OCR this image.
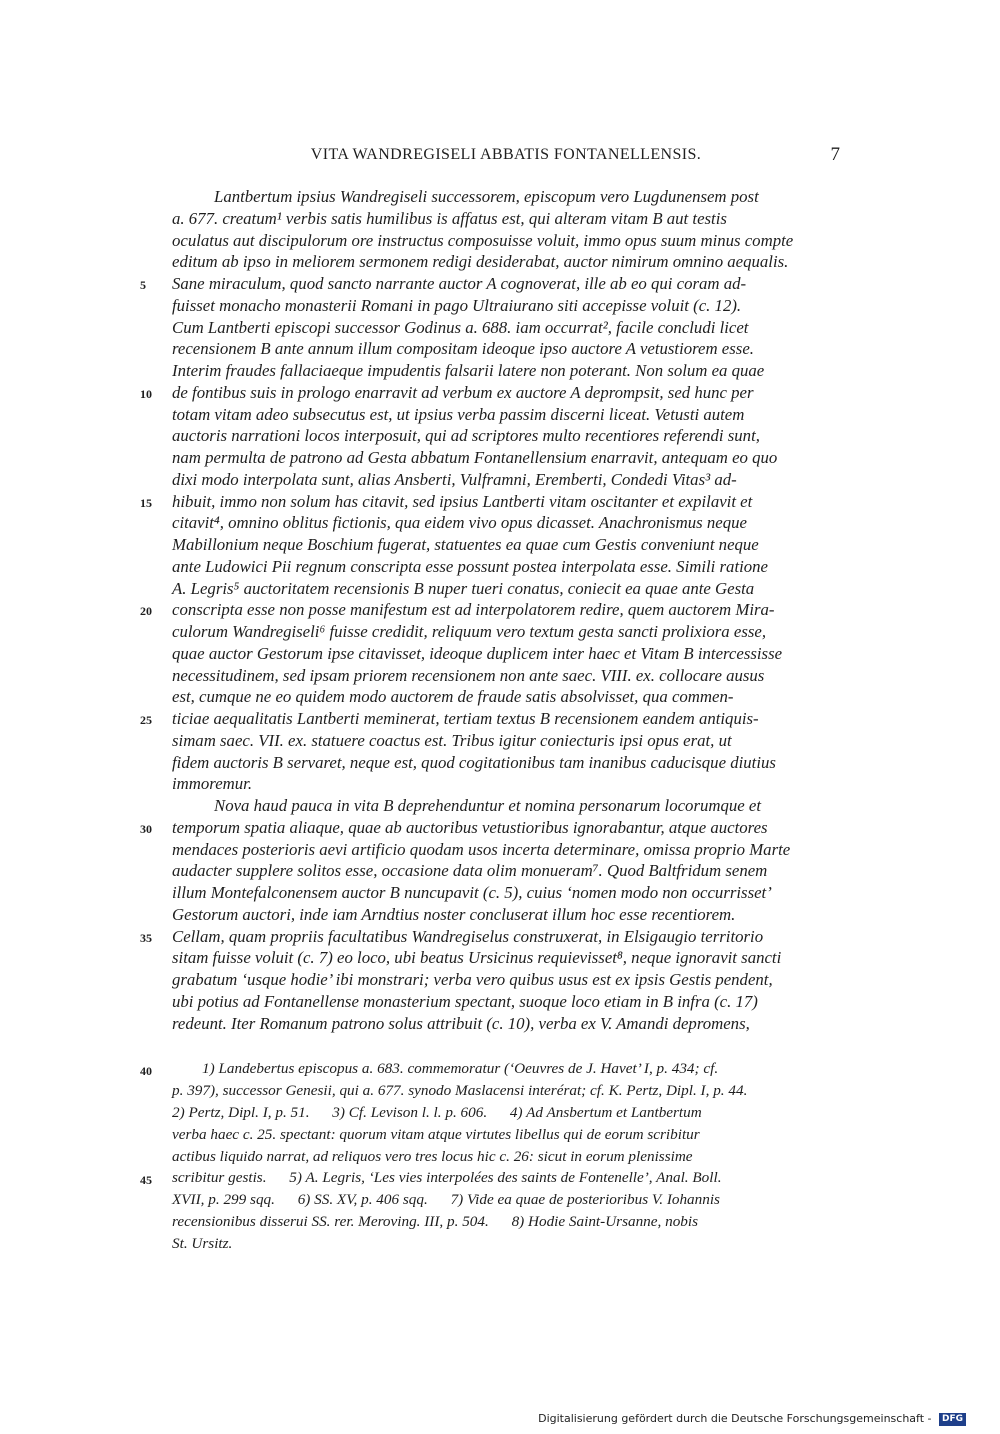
VITA WANDREGISELI ABBATIS FONTANELLENSIS.	7
Lantbertum ipsius Wandregiseli successorem, episcopum vero Lugdunensem post
a. 677. creatum¹ verbis satis humilibus is affatus est, qui alteram vitam B aut testis
oculatus aut discipulorum ore instructus composuisse voluit, immo opus suum minus compte
editum ab ipso in meliorem sermonem redigi desiderabat, auctor nimirum omnino aequalis.
Sane miraculum, quod sancto narrante auctor A cognoverat, ille ab eo qui coram ad-
fuisset monacho monasterii Romani in pago Ultraiurano siti accepisse voluit (c. 12).
Cum Lantberti episcopi successor Godinus a. 688. iam occurrat², facile concludi licet
recensionem B ante annum illum compositam ideoque ipso auctore A vetustiorem esse.
Interim fraudes fallaciaeque impudentis falsarii latere non poterant. Non solum ea quae
de fontibus suis in prologo enarravit ad verbum ex auctore A deprompsit, sed hunc per
totam vitam adeo subsecutus est, ut ipsius verba passim discerni liceat. Vetusti autem
auctoris narrationi locos interposuit, qui ad scriptores multo recentiores referendi sunt,
nam permulta de patrono ad Gesta abbatum Fontanellensium enarravit, antequam eo quo
dixi modo interpolata sunt, alias Ansberti, Vulframni, Eremberti, Condedi Vitas³ ad-
hibuit, immo non solum has citavit, sed ipsius Lantberti vitam oscitanter et expilavit et
citavit⁴, omnino oblitus fictionis, qua eidem vivo opus dicasset. Anachronismus neque
Mabillonium neque Boschium fugerat, statuentes ea quae cum Gestis conveniunt neque
ante Ludowici Pii regnum conscripta esse possunt postea interpolata esse. Simili ratione
A. Legris⁵ auctoritatem recensionis B nuper tueri conatus, coniecit ea quae ante Gesta
conscripta esse non posse manifestum est ad interpolatorem redire, quem auctorem Mira-
culorum Wandregiseli⁶ fuisse credidit, reliquum vero textum gesta sancti prolixiora esse,
quae auctor Gestorum ipse citavisset, ideoque duplicem inter haec et Vitam B intercessisse
necessitudinem, sed ipsam priorem recensionem non ante saec. VIII. ex. collocare ausus
est, cumque ne eo quidem modo auctorem de fraude satis absolvisset, qua commen-
ticiae aequalitatis Lantberti meminerat, tertiam textus B recensionem eandem antiquis-
simam saec. VII. ex. statuere coactus est. Tribus igitur coniecturis ipsi opus erat, ut
fidem auctoris B servaret, neque est, quod cogitationibus tam inanibus caducisque diutius
immoremur.
Nova haud pauca in vita B deprehenduntur et nomina personarum locorumque et
temporum spatia aliaque, quae ab auctoribus vetustioribus ignorabantur, atque auctores
mendaces posterioris aevi artificio quodam usos incerta determinare, omissa proprio Marte
audacter supplere solitos esse, occasione data olim monueram⁷. Quod Baltfridum senem
illum Montefalconensem auctor B nuncupavit (c. 5), cuius ‘nomen modo non occurrisset’
Gestorum auctori, inde iam Arndtius noster concluserat illum hoc esse recentiorem.
Cellam, quam propriis facultatibus Wandregiselus construxerat, in Elsigaugio territorio
sitam fuisse voluit (c. 7) eo loco, ubi beatus Ursicinus requievisset⁸, neque ignoravit sancti
grabatum ‘usque hodie’ ibi monstrari; verba vero quibus usus est ex ipsis Gestis pendent,
ubi potius ad Fontanellense monasterium spectant, suoque loco etiam in B infra (c. 17)
redeunt. Iter Romanum patrono solus attribuit (c. 10), verba ex V. Amandi depromens,
5
10
15
20
25
30
35
40
45
1) Landebertus episcopus a. 683. commemoratur (‘Oeuvres de J. Havet’ I, p. 434; cf.
p. 397), successor Genesii, qui a. 677. synodo Maslacensi interérat; cf. K. Pertz, Dipl. I, p. 44.
2) Pertz, Dipl. I, p. 51.      3) Cf. Levison l. l. p. 606.      4) Ad Ansbertum et Lantbertum
verba haec c. 25. spectant: quorum vitam atque virtutes libellus qui de eorum scribitur
actibus liquido narrat, ad reliquos vero tres locus hic c. 26: sicut in eorum plenissime
scribitur gestis.      5) A. Legris, ‘Les vies interpolées des saints de Fontenelle’, Anal. Boll.
XVII, p. 299 sqq.      6) SS. XV, p. 406 sqq.      7) Vide ea quae de posterioribus V. Iohannis
recensionibus disserui SS. rer. Meroving. III, p. 504.      8) Hodie Saint-Ursanne, nobis
St. Ursitz.
Digitalisierung gefördert durch die Deutsche Forschungsgemeinschaft - DFG
